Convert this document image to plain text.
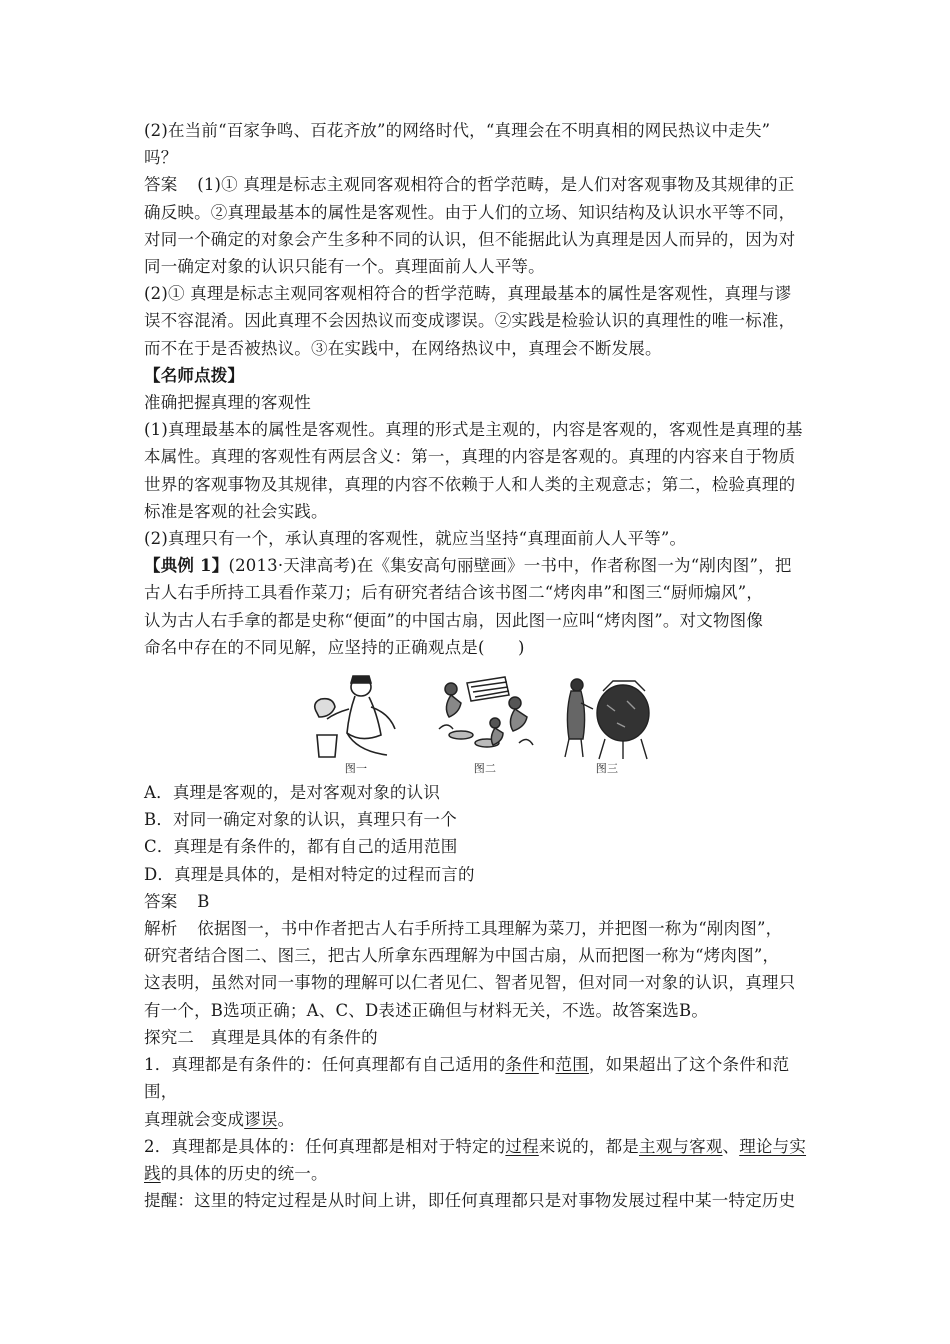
(2)在当前“百家争鸣、百花齐放”的网络时代，“真理会在不明真相的网民热议中走失”

吗？

答案 (1)① 真理是标志主观同客观相符合的哲学范畴，是人们对客观事物及其规律的正

确反映。②真理最基本的属性是客观性。由于人们的立场、知识结构及认识水平等不同，

对同一个确定的对象会产生多种不同的认识，但不能据此认为真理是因人而异的，因为对

同一确定对象的认识只能有一个。真理面前人人平等。

(2)① 真理是标志主观同客观相符合的哲学范畴，真理最基本的属性是客观性，真理与谬

误不容混淆。因此真理不会因热议而变成谬误。②实践是检验认识的真理性的唯一标准，

而不在于是否被热议。③在实践中，在网络热议中，真理会不断发展。

【名师点拨】

准确把握真理的客观性

(1)真理最基本的属性是客观性。真理的形式是主观的，内容是客观的，客观性是真理的基

本属性。真理的客观性有两层含义：第一，真理的内容是客观的。真理的内容来自于物质

世界的客观事物及其规律，真理的内容不依赖于人和人类的主观意志；第二，检验真理的

标准是客观的社会实践。

(2)真理只有一个，承认真理的客观性，就应当坚持“真理面前人人平等”。

【典例 1】(2013·天津高考)在《集安高句丽壁画》一书中，作者称图一为“剐肉图”，把

古人右手所持工具看作菜刀；后有研究者结合该书图二“烤肉串”和图三“厨师煽风”，

认为古人右手拿的都是史称“便面”的中国古扇，因此图一应叫“烤肉图”。对文物图像

命名中存在的不同见解，应坚持的正确观点是(　　)

图一	图二	图三

A．真理是客观的，是对客观对象的认识

B．对同一确定对象的认识，真理只有一个

C．真理是有条件的，都有自己的适用范围

D．真理是具体的，是相对特定的过程而言的

答案 B

解析 依据图一，书中作者把古人右手所持工具理解为菜刀，并把图一称为“剐肉图”，

研究者结合图二、图三，把古人所拿东西理解为中国古扇，从而把图一称为“烤肉图”，

这表明，虽然对同一事物的理解可以仁者见仁、智者见智，但对同一对象的认识，真理只

有一个，B选项正确；A、C、D表述正确但与材料无关，不选。故答案选B。

探究二　真理是具体的有条件的

1．真理都是有条件的：任何真理都有自己适用的条件和范围，如果超出了这个条件和范围，

真理就会变成谬误。

2．真理都是具体的：任何真理都是相对于特定的过程来说的，都是主观与客观、理论与实

践的具体的历史的统一。

提醒：这里的特定过程是从时间上讲，即任何真理都只是对事物发展过程中某一特定历史
